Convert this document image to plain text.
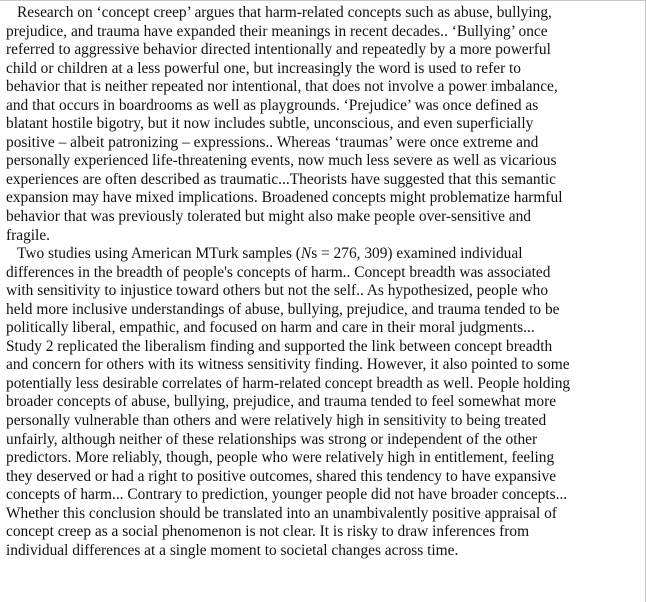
Research on ‘concept creep’ argues that harm-related concepts such as abuse, bullying,
prejudice, and trauma have expanded their meanings in recent decades.. ‘Bullying’ once
referred to aggressive behavior directed intentionally and repeatedly by a more powerful
child or children at a less powerful one, but increasingly the word is used to refer to
behavior that is neither repeated nor intentional, that does not involve a power imbalance,
and that occurs in boardrooms as well as playgrounds. ‘Prejudice’ was once defined as
blatant hostile bigotry, but it now includes subtle, unconscious, and even superficially
positive – albeit patronizing – expressions.. Whereas ‘traumas’ were once extreme and
personally experienced life-threatening events, now much less severe as well as vicarious
experiences are often described as traumatic...Theorists have suggested that this semantic
expansion may have mixed implications. Broadened concepts might problematize harmful
behavior that was previously tolerated but might also make people over-sensitive and
fragile.
Two studies using American MTurk samples (Ns = 276, 309) examined individual
differences in the breadth of people's concepts of harm.. Concept breadth was associated
with sensitivity to injustice toward others but not the self.. As hypothesized, people who
held more inclusive understandings of abuse, bullying, prejudice, and trauma tended to be
politically liberal, empathic, and focused on harm and care in their moral judgments...
Study 2 replicated the liberalism finding and supported the link between concept breadth
and concern for others with its witness sensitivity finding. However, it also pointed to some
potentially less desirable correlates of harm-related concept breadth as well. People holding
broader concepts of abuse, bullying, prejudice, and trauma tended to feel somewhat more
personally vulnerable than others and were relatively high in sensitivity to being treated
unfairly, although neither of these relationships was strong or independent of the other
predictors. More reliably, though, people who were relatively high in entitlement, feeling
they deserved or had a right to positive outcomes, shared this tendency to have expansive
concepts of harm... Contrary to prediction, younger people did not have broader concepts...
Whether this conclusion should be translated into an unambivalently positive appraisal of
concept creep as a social phenomenon is not clear. It is risky to draw inferences from
individual differences at a single moment to societal changes across time.
